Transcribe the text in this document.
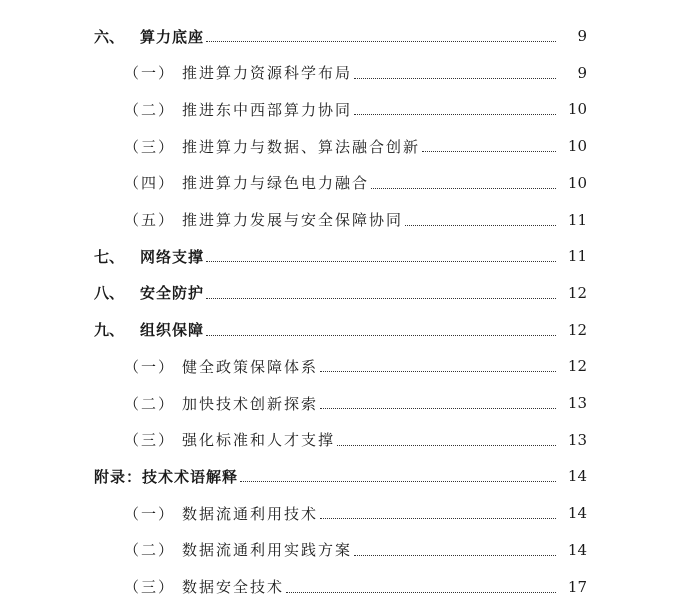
六、	算力底座	9
（一） 推进算力资源科学布局	9
（二） 推进东中西部算力协同	10
（三） 推进算力与数据、算法融合创新	10
（四） 推进算力与绿色电力融合	10
（五） 推进算力发展与安全保障协同	11
七、	网络支撑	11
八、	安全防护	12
九、	组织保障	12
（一） 健全政策保障体系	12
（二） 加快技术创新探索	13
（三） 强化标准和人才支撑	13
附录：技术术语解释	14
（一） 数据流通利用技术	14
（二） 数据流通利用实践方案	14
（三） 数据安全技术	17
